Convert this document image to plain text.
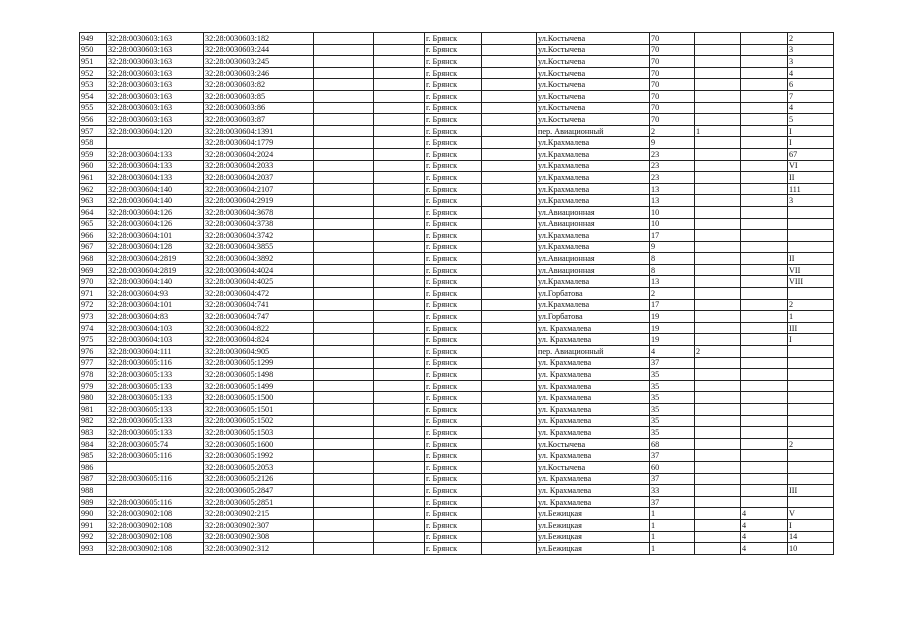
949	32:28:0030603:163	32:28:0030603:182			г. Брянск		ул.Костычева	70			2
950	32:28:0030603:163	32:28:0030603:244			г. Брянск		ул.Костычева	70			3
951	32:28:0030603:163	32:28:0030603:245			г. Брянск		ул.Костычева	70			3
952	32:28:0030603:163	32:28:0030603:246			г. Брянск		ул.Костычева	70			4
953	32:28:0030603:163	32:28:0030603:82			г. Брянск		ул.Костычева	70			6
954	32:28:0030603:163	32:28:0030603:85			г. Брянск		ул.Костычева	70			7
955	32:28:0030603:163	32:28:0030603:86			г. Брянск		ул.Костычева	70			4
956	32:28:0030603:163	32:28:0030603:87			г. Брянск		ул.Костычева	70			5
957	32:28:0030604:120	32:28:0030604:1391			г. Брянск		пер. Авиационный	2	1		I
958		32:28:0030604:1779			г. Брянск		ул.Крахмалева	9			I
959	32:28:0030604:133	32:28:0030604:2024			г. Брянск		ул.Крахмалева	23			67
960	32:28:0030604:133	32:28:0030604:2033			г. Брянск		ул.Крахмалева	23			VI
961	32:28:0030604:133	32:28:0030604:2037			г. Брянск		ул.Крахмалева	23			II
962	32:28:0030604:140	32:28:0030604:2107			г. Брянск		ул.Крахмалева	13			111
963	32:28:0030604:140	32:28:0030604:2919			г. Брянск		ул.Крахмалева	13			3
964	32:28:0030604:126	32:28:0030604:3678			г. Брянск		ул.Авиационная	10			
965	32:28:0030604:126	32:28:0030604:3738			г. Брянск		ул.Авиационная	10			
966	32:28:0030604:101	32:28:0030604:3742			г. Брянск		ул.Крахмалева	17			
967	32:28:0030604:128	32:28:0030604:3855			г. Брянск		ул.Крахмалева	9			
968	32:28:0030604:2819	32:28:0030604:3892			г. Брянск		ул.Авиационная	8			II
969	32:28:0030604:2819	32:28:0030604:4024			г. Брянск		ул.Авиационная	8			VII
970	32:28:0030604:140	32:28:0030604:4025			г. Брянск		ул.Крахмалева	13			VIII
971	32:28:0030604:93	32:28:0030604:472			г. Брянск		ул.Горбатова	2			
972	32:28:0030604:101	32:28:0030604:741			г. Брянск		ул.Крахмалева	17			2
973	32:28:0030604:83	32:28:0030604:747			г. Брянск		ул.Горбатова	19			1
974	32:28:0030604:103	32:28:0030604:822			г. Брянск		ул. Крахмалева	19			III
975	32:28:0030604:103	32:28:0030604:824			г. Брянск		ул. Крахмалева	19			I
976	32:28:0030604:111	32:28:0030604:905			г. Брянск		пер. Авиационный	4	2		
977	32:28:0030605:116	32:28:0030605:1299			г. Брянск		ул. Крахмалева	37			
978	32:28:0030605:133	32:28:0030605:1498			г. Брянск		ул. Крахмалева	35			
979	32:28:0030605:133	32:28:0030605:1499			г. Брянск		ул. Крахмалева	35			
980	32:28:0030605:133	32:28:0030605:1500			г. Брянск		ул. Крахмалева	35			
981	32:28:0030605:133	32:28:0030605:1501			г. Брянск		ул. Крахмалева	35			
982	32:28:0030605:133	32:28:0030605:1502			г. Брянск		ул. Крахмалева	35			
983	32:28:0030605:133	32:28:0030605:1503			г. Брянск		ул. Крахмалева	35			
984	32:28:0030605:74	32:28:0030605:1600			г. Брянск		ул.Костычева	68			2
985	32:28:0030605:116	32:28:0030605:1992			г. Брянск		ул. Крахмалева	37			
986		32:28:0030605:2053			г. Брянск		ул.Костычева	60			
987	32:28:0030605:116	32:28:0030605:2126			г. Брянск		ул. Крахмалева	37			
988		32:28:0030605:2847			г. Брянск		ул. Крахмалева	33			III
989	32:28:0030605:116	32:28:0030605:2851			г. Брянск		ул. Крахмалева	37			
990	32:28:0030902:108	32:28:0030902:215			г. Брянск		ул.Бежицкая	1		4	V
991	32:28:0030902:108	32:28:0030902:307			г. Брянск		ул.Бежицкая	1		4	I
992	32:28:0030902:108	32:28:0030902:308			г. Брянск		ул.Бежицкая	1		4	14
993	32:28:0030902:108	32:28:0030902:312			г. Брянск		ул.Бежицкая	1		4	10
